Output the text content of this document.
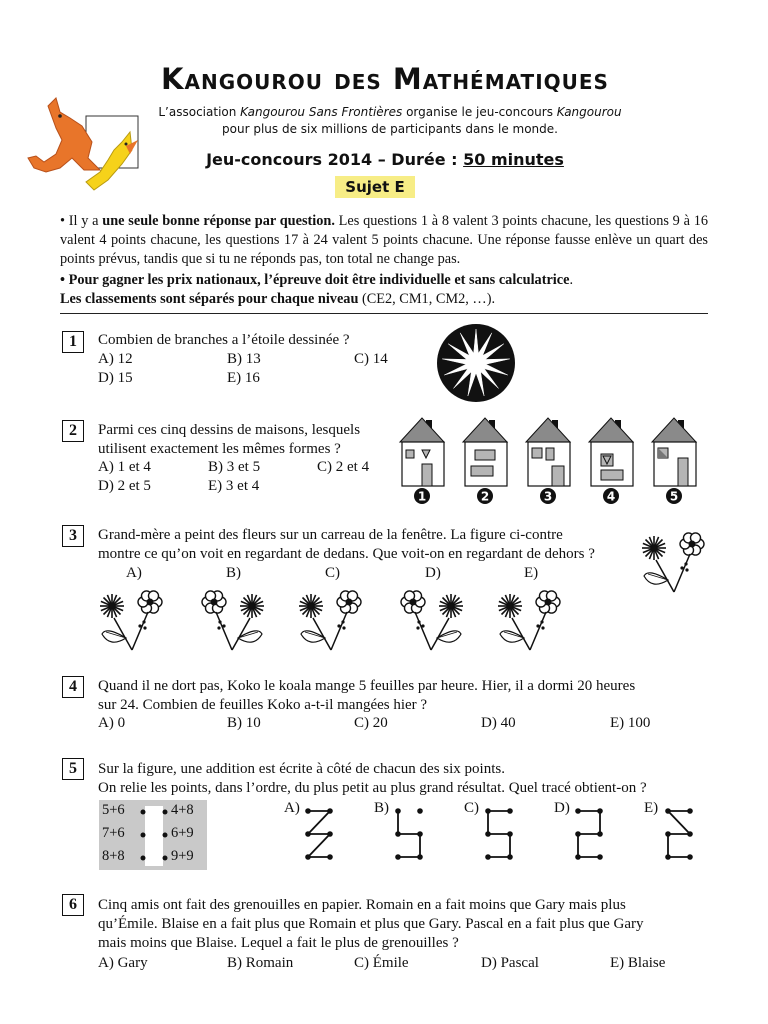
Kangourou des Mathématiques
L’association Kangourou Sans Frontières organise le jeu-concours Kangourou
pour plus de six millions de participants dans le monde.
Jeu-concours 2014 – Durée : 50 minutes
Sujet E
• Il y a une seule bonne réponse par question. Les questions 1 à 8 valent 3 points chacune, les questions 9 à 16 valent 4 points chacune, les questions 17 à 24 valent 5 points chacune. Une réponse fausse enlève un quart des points prévus, tandis que si tu ne réponds pas, ton total ne change pas.
• Pour gagner les prix nationaux, l’épreuve doit être individuelle et sans calculatrice.
Les classements sont séparés pour chaque niveau (CE2, CM1, CM2, …).
1	Combien de branches a l’étoile dessinée ?
A) 12	B) 13	C) 14
D) 15	E) 16
2	Parmi ces cinq dessins de maisons, lesquels
utilisent exactement les mêmes formes ?
A) 1 et 4	B) 3 et 5	C) 2 et 4
D) 2 et 5	E) 3 et 4
1	2	3	4	5
3	Grand-mère a peint des fleurs sur un carreau de la fenêtre. La figure ci-contre
montre ce qu’on voit en regardant de dedans. Que voit-on en regardant de dehors ?
A)	B)	C)	D)	E)
4	Quand il ne dort pas, Koko le koala mange 5 feuilles par heure. Hier, il a dormi 20 heures
sur 24. Combien de feuilles Koko a-t-il mangées hier ?
A) 0	B) 10	C) 20	D) 40	E) 100
5	Sur la figure, une addition est écrite à côté de chacun des six points.
On relie les points, dans l’ordre, du plus petit au plus grand résultat. Quel tracé obtient-on ?
5+6	4+8
7+6	6+9
8+8	9+9
A)	B)	C)	D)	E)
6	Cinq amis ont fait des grenouilles en papier. Romain en a fait moins que Gary mais plus
qu’Émile. Blaise en a fait plus que Romain et plus que Gary. Pascal en a fait plus que Gary
mais moins que Blaise. Lequel a fait le plus de grenouilles ?
A) Gary	B) Romain	C) Émile	D) Pascal	E) Blaise
